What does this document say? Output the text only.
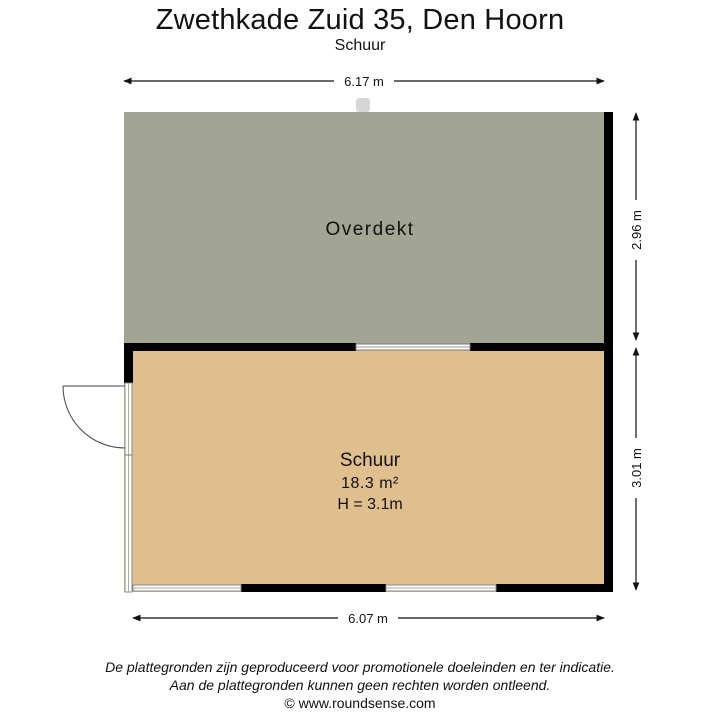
Zwethkade Zuid 35, Den Hoorn
Schuur
6.17 m
Overdekt
Schuur
18.3 m²
H = 3.1m
2.96 m
3.01 m
6.07 m
De plattegronden zijn geproduceerd voor promotionele doeleinden en ter indicatie.
Aan de plattegronden kunnen geen rechten worden ontleend.
© www.roundsense.com
